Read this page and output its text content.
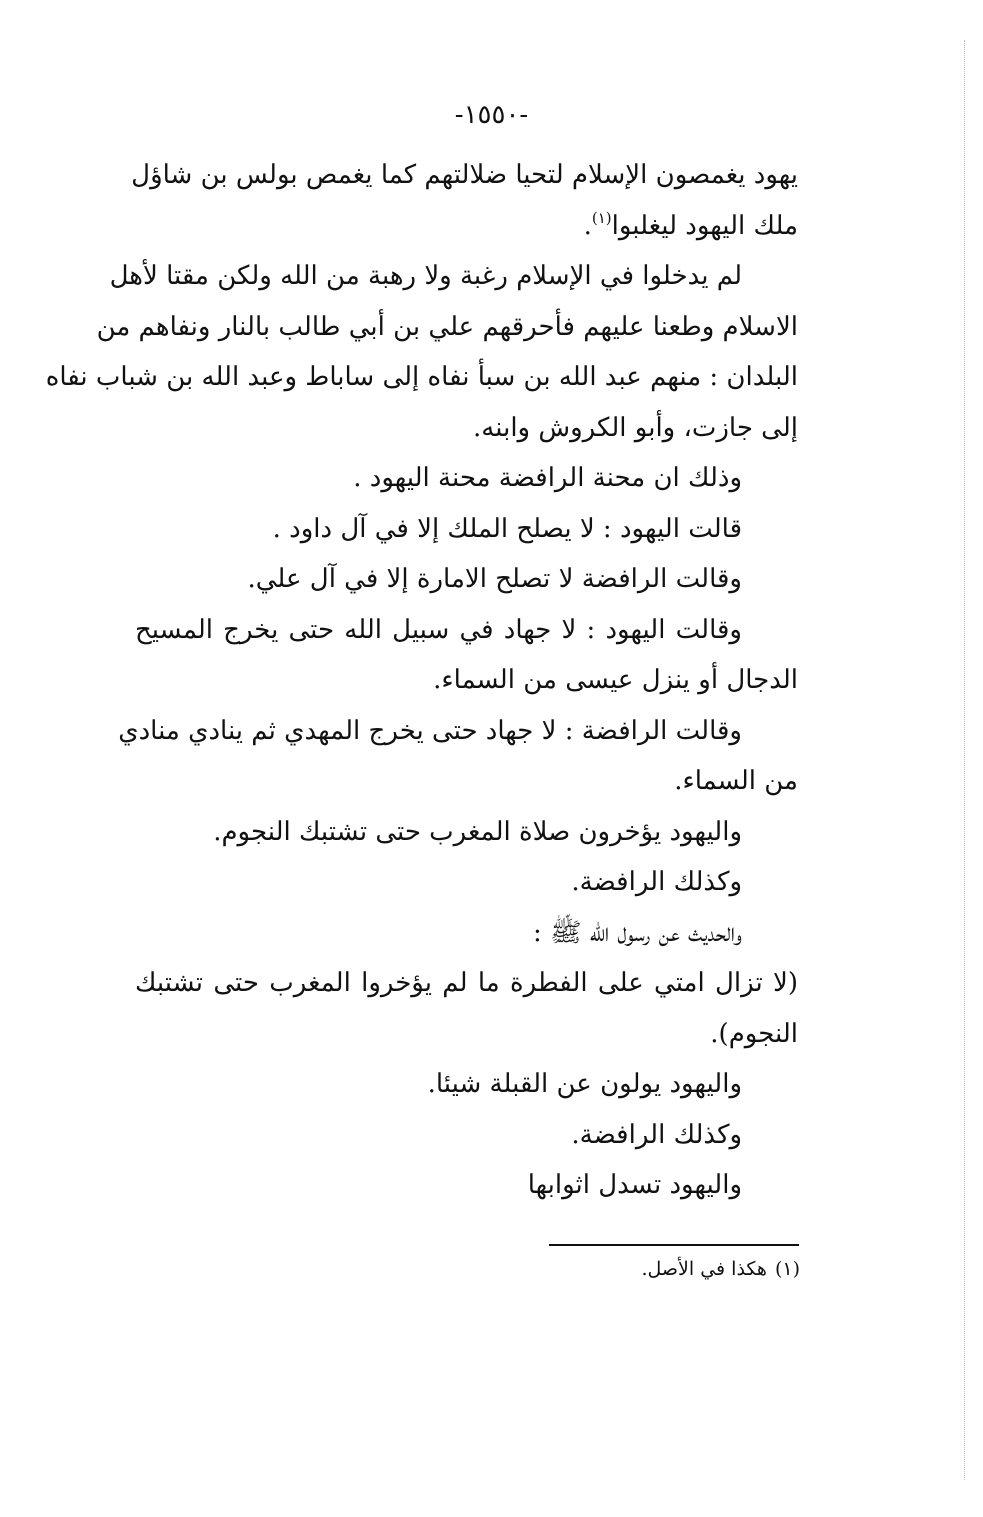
-١٥٥٠-
يهود يغمصون الإسلام لتحيا ضلالتهم كما يغمص بولس بن شاؤل
ملك اليهود ليغلبوا$^{(١)}$.
لم يدخلوا في الإسلام رغبة ولا رهبة من الله ولكن مقتا لأهل
الاسلام وطعنا عليهم فأحرقهم علي بن أبي طالب بالنار ونفاهم من
البلدان : منهم عبد الله بن سبأ نفاه إلى ساباط وعبد الله بن شباب نفاه
إلى جازت، وأبو الكروش وابنه.
وذلك ان محنة الرافضة محنة اليهود .
قالت اليهود : لا يصلح الملك إلا في آل داود .
وقالت الرافضة لا تصلح الامارة إلا في آل علي.
وقالت اليهود : لا جهاد في سبيل الله حتى يخرج المسيح
الدجال أو ينزل عيسى من السماء.
وقالت الرافضة : لا جهاد حتى يخرج المهدي ثم ينادي منادي
من السماء.
واليهود يؤخرون صلاة المغرب حتى تشتبك النجوم.
وكذلك الرافضة.
والحديث عن رسول الله ﷺ :
(لا تزال امتي على الفطرة ما لم يؤخروا المغرب حتى تشتبك
النجوم).
واليهود يولون عن القبلة شيئا.
وكذلك الرافضة.
واليهود تسدل اثوابها
(١)هكذا في الأصل.
